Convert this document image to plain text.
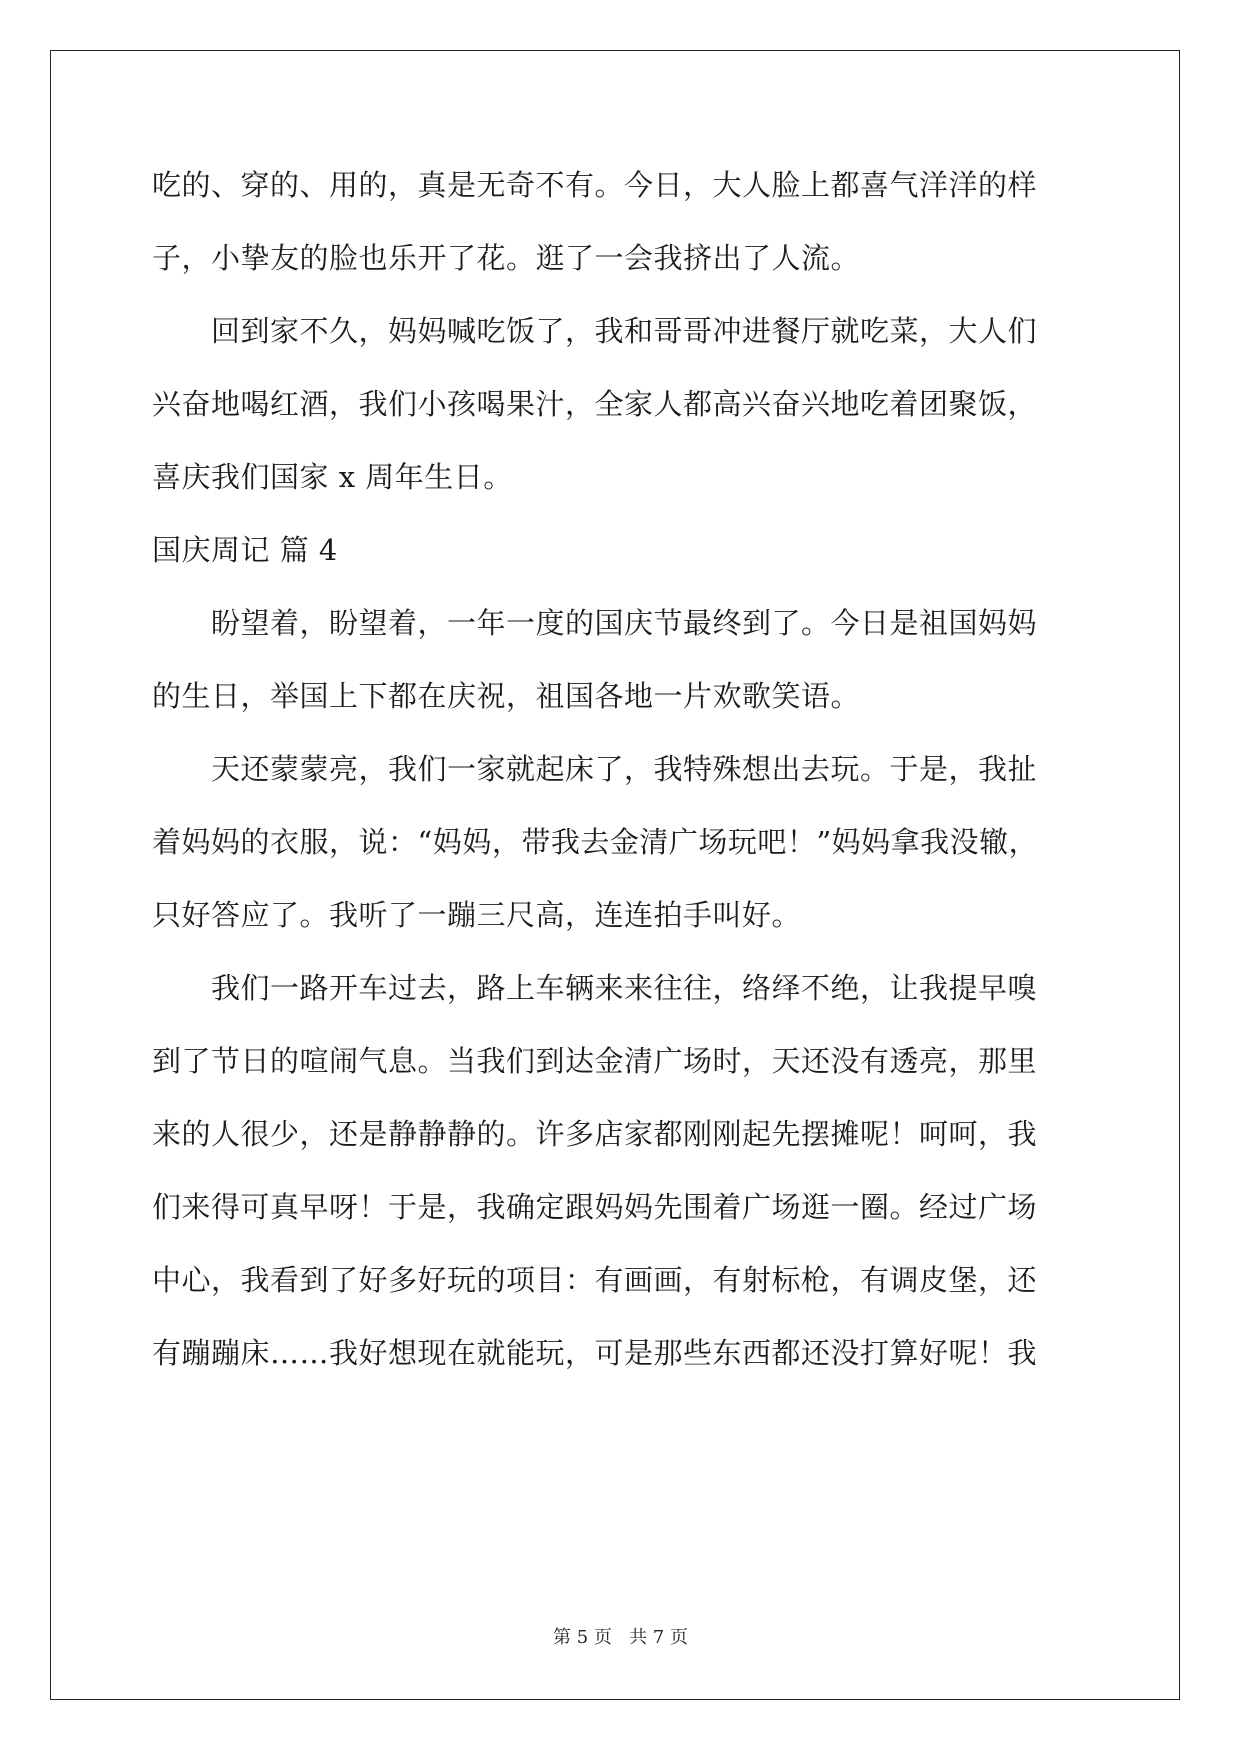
吃的、穿的、用的，真是无奇不有。今日，大人脸上都喜气洋洋的样
子，小挚友的脸也乐开了花。逛了一会我挤出了人流。
　　回到家不久，妈妈喊吃饭了，我和哥哥冲进餐厅就吃菜，大人们
兴奋地喝红酒，我们小孩喝果汁，全家人都高兴奋兴地吃着团聚饭，
喜庆我们国家 x 周年生日。
国庆周记 篇 4
　　盼望着，盼望着，一年一度的国庆节最终到了。今日是祖国妈妈
的生日，举国上下都在庆祝，祖国各地一片欢歌笑语。
　　天还蒙蒙亮，我们一家就起床了，我特殊想出去玩。于是，我扯
着妈妈的衣服，说：“妈妈，带我去金清广场玩吧！”妈妈拿我没辙，
只好答应了。我听了一蹦三尺高，连连拍手叫好。
　　我们一路开车过去，路上车辆来来往往，络绎不绝，让我提早嗅
到了节日的喧闹气息。当我们到达金清广场时，天还没有透亮，那里
来的人很少，还是静静静的。许多店家都刚刚起先摆摊呢！呵呵，我
们来得可真早呀！于是，我确定跟妈妈先围着广场逛一圈。经过广场
中心，我看到了好多好玩的项目：有画画，有射标枪，有调皮堡，还
有蹦蹦床……我好想现在就能玩，可是那些东西都还没打算好呢！我
第 5 页 共 7 页
